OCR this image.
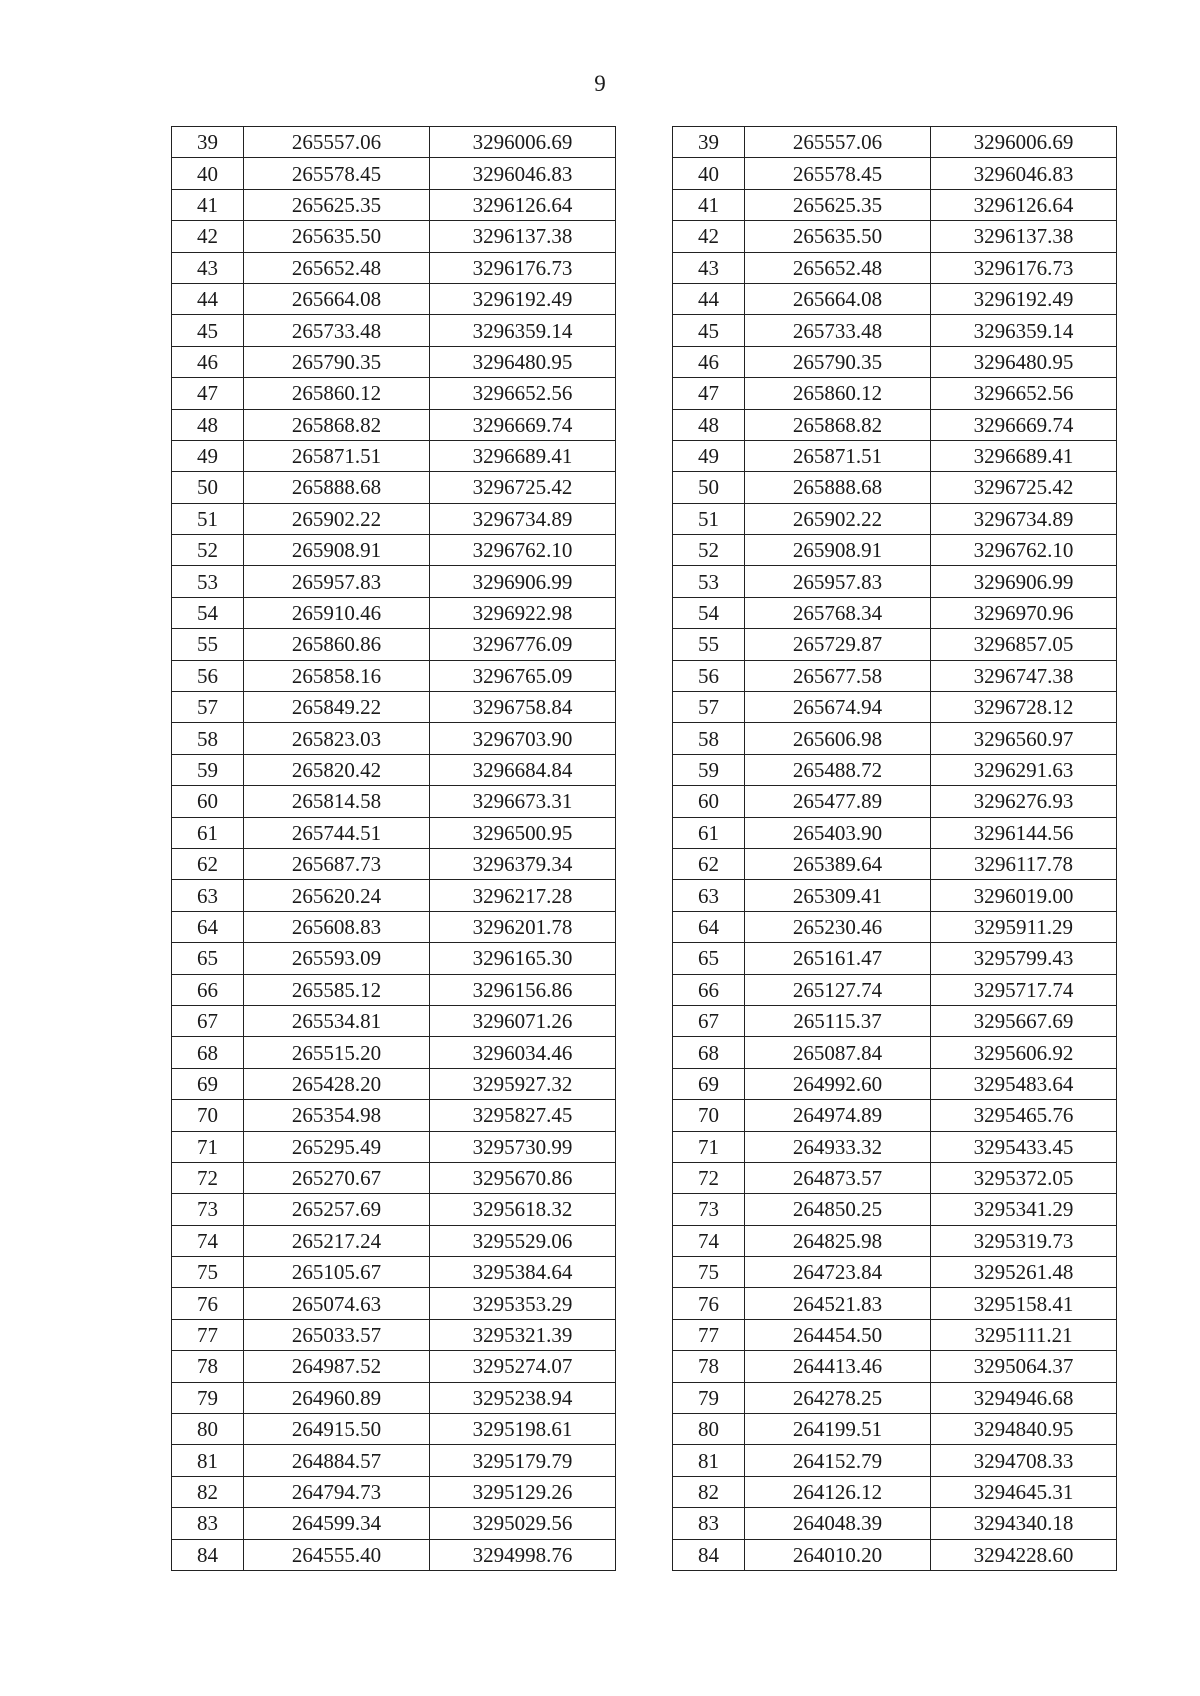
9
39	265557.06	3296006.69		39	265557.06	3296006.69
40	265578.45	3296046.83		40	265578.45	3296046.83
41	265625.35	3296126.64		41	265625.35	3296126.64
42	265635.50	3296137.38		42	265635.50	3296137.38
43	265652.48	3296176.73		43	265652.48	3296176.73
44	265664.08	3296192.49		44	265664.08	3296192.49
45	265733.48	3296359.14		45	265733.48	3296359.14
46	265790.35	3296480.95		46	265790.35	3296480.95
47	265860.12	3296652.56		47	265860.12	3296652.56
48	265868.82	3296669.74		48	265868.82	3296669.74
49	265871.51	3296689.41		49	265871.51	3296689.41
50	265888.68	3296725.42		50	265888.68	3296725.42
51	265902.22	3296734.89		51	265902.22	3296734.89
52	265908.91	3296762.10		52	265908.91	3296762.10
53	265957.83	3296906.99		53	265957.83	3296906.99
54	265910.46	3296922.98		54	265768.34	3296970.96
55	265860.86	3296776.09		55	265729.87	3296857.05
56	265858.16	3296765.09		56	265677.58	3296747.38
57	265849.22	3296758.84		57	265674.94	3296728.12
58	265823.03	3296703.90		58	265606.98	3296560.97
59	265820.42	3296684.84		59	265488.72	3296291.63
60	265814.58	3296673.31		60	265477.89	3296276.93
61	265744.51	3296500.95		61	265403.90	3296144.56
62	265687.73	3296379.34		62	265389.64	3296117.78
63	265620.24	3296217.28		63	265309.41	3296019.00
64	265608.83	3296201.78		64	265230.46	3295911.29
65	265593.09	3296165.30		65	265161.47	3295799.43
66	265585.12	3296156.86		66	265127.74	3295717.74
67	265534.81	3296071.26		67	265115.37	3295667.69
68	265515.20	3296034.46		68	265087.84	3295606.92
69	265428.20	3295927.32		69	264992.60	3295483.64
70	265354.98	3295827.45		70	264974.89	3295465.76
71	265295.49	3295730.99		71	264933.32	3295433.45
72	265270.67	3295670.86		72	264873.57	3295372.05
73	265257.69	3295618.32		73	264850.25	3295341.29
74	265217.24	3295529.06		74	264825.98	3295319.73
75	265105.67	3295384.64		75	264723.84	3295261.48
76	265074.63	3295353.29		76	264521.83	3295158.41
77	265033.57	3295321.39		77	264454.50	3295111.21
78	264987.52	3295274.07		78	264413.46	3295064.37
79	264960.89	3295238.94		79	264278.25	3294946.68
80	264915.50	3295198.61		80	264199.51	3294840.95
81	264884.57	3295179.79		81	264152.79	3294708.33
82	264794.73	3295129.26		82	264126.12	3294645.31
83	264599.34	3295029.56		83	264048.39	3294340.18
84	264555.40	3294998.76		84	264010.20	3294228.60
